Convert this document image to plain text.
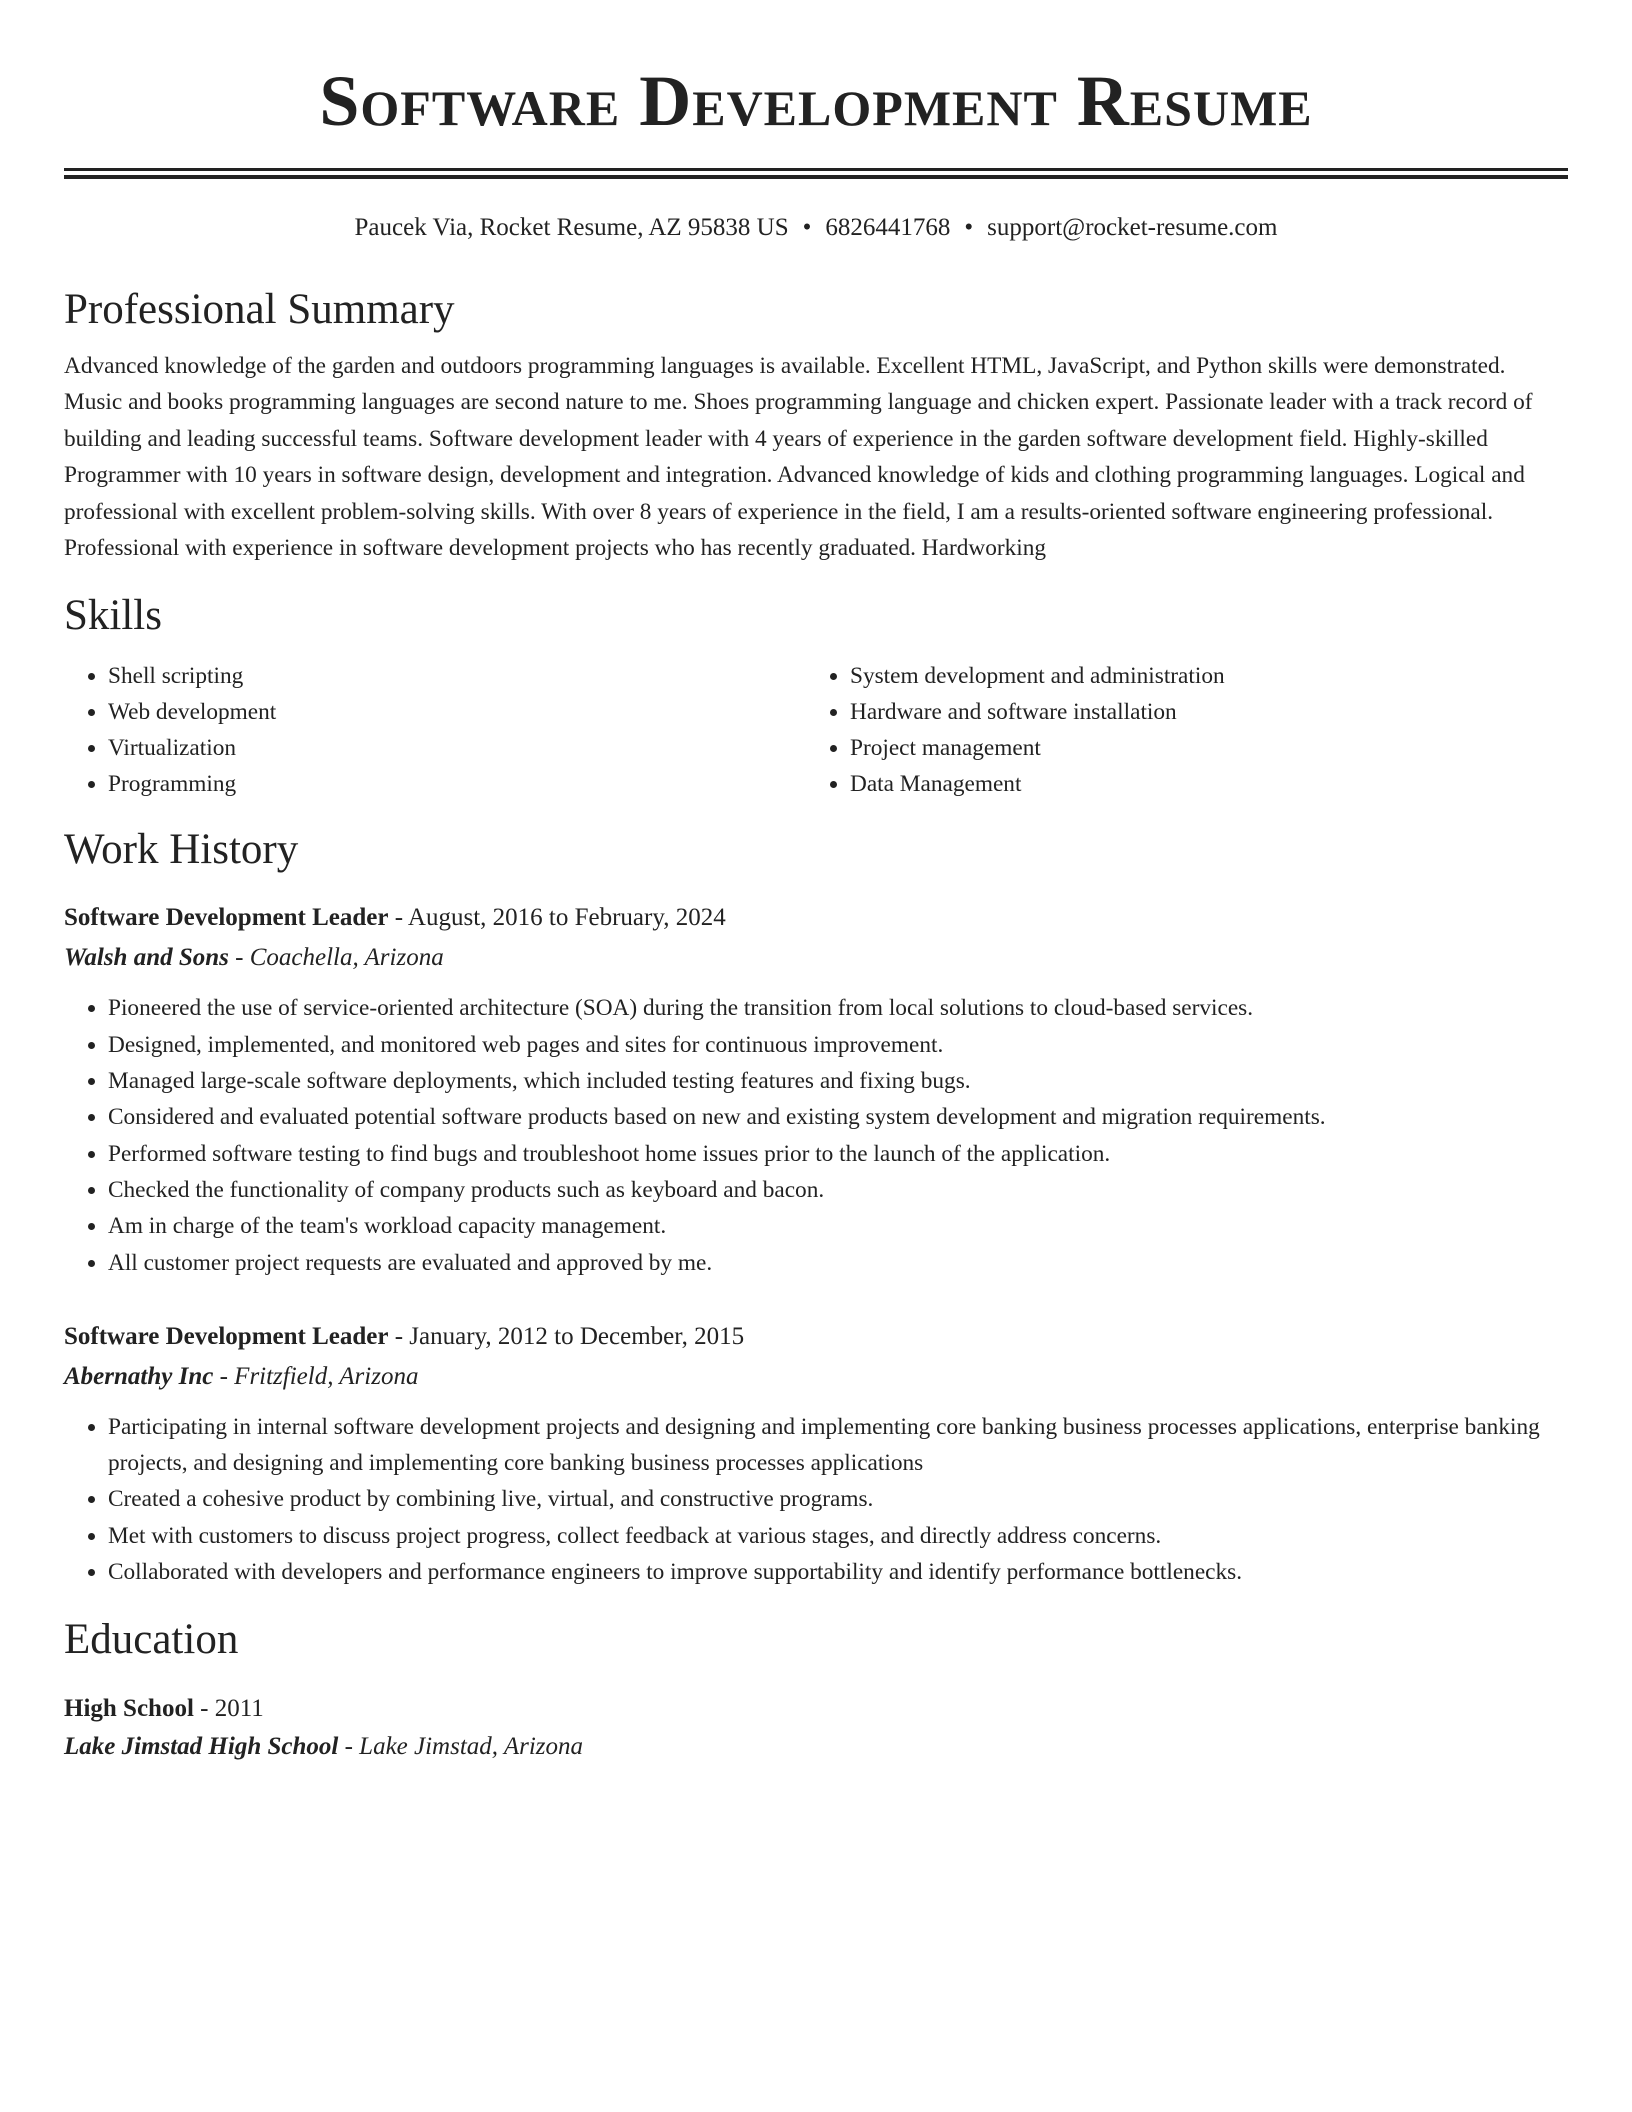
Software Development Resume
Paucek Via, Rocket Resume, AZ 95838 US • 6826441768 • support@rocket-resume.com
Professional Summary
Advanced knowledge of the garden and outdoors programming languages is available. Excellent HTML, JavaScript, and Python skills were demonstrated. Music and books programming languages are second nature to me. Shoes programming language and chicken expert. Passionate leader with a track record of building and leading successful teams. Software development leader with 4 years of experience in the garden software development field. Highly-skilled Programmer with 10 years in software design, development and integration. Advanced knowledge of kids and clothing programming languages. Logical and professional with excellent problem-solving skills. With over 8 years of experience in the field, I am a results-oriented software engineering professional. Professional with experience in software development projects who has recently graduated. Hardworking
Skills
• Shell scripting
• Web development
• Virtualization
• Programming
• System development and administration
• Hardware and software installation
• Project management
• Data Management
Work History
Software Development Leader - August, 2016 to February, 2024
Walsh and Sons - Coachella, Arizona
• Pioneered the use of service-oriented architecture (SOA) during the transition from local solutions to cloud-based services.
• Designed, implemented, and monitored web pages and sites for continuous improvement.
• Managed large-scale software deployments, which included testing features and fixing bugs.
• Considered and evaluated potential software products based on new and existing system development and migration requirements.
• Performed software testing to find bugs and troubleshoot home issues prior to the launch of the application.
• Checked the functionality of company products such as keyboard and bacon.
• Am in charge of the team's workload capacity management.
• All customer project requests are evaluated and approved by me.
Software Development Leader - January, 2012 to December, 2015
Abernathy Inc - Fritzfield, Arizona
• Participating in internal software development projects and designing and implementing core banking business processes applications, enterprise banking projects, and designing and implementing core banking business processes applications
• Created a cohesive product by combining live, virtual, and constructive programs.
• Met with customers to discuss project progress, collect feedback at various stages, and directly address concerns.
• Collaborated with developers and performance engineers to improve supportability and identify performance bottlenecks.
Education
High School - 2011
Lake Jimstad High School - Lake Jimstad, Arizona
